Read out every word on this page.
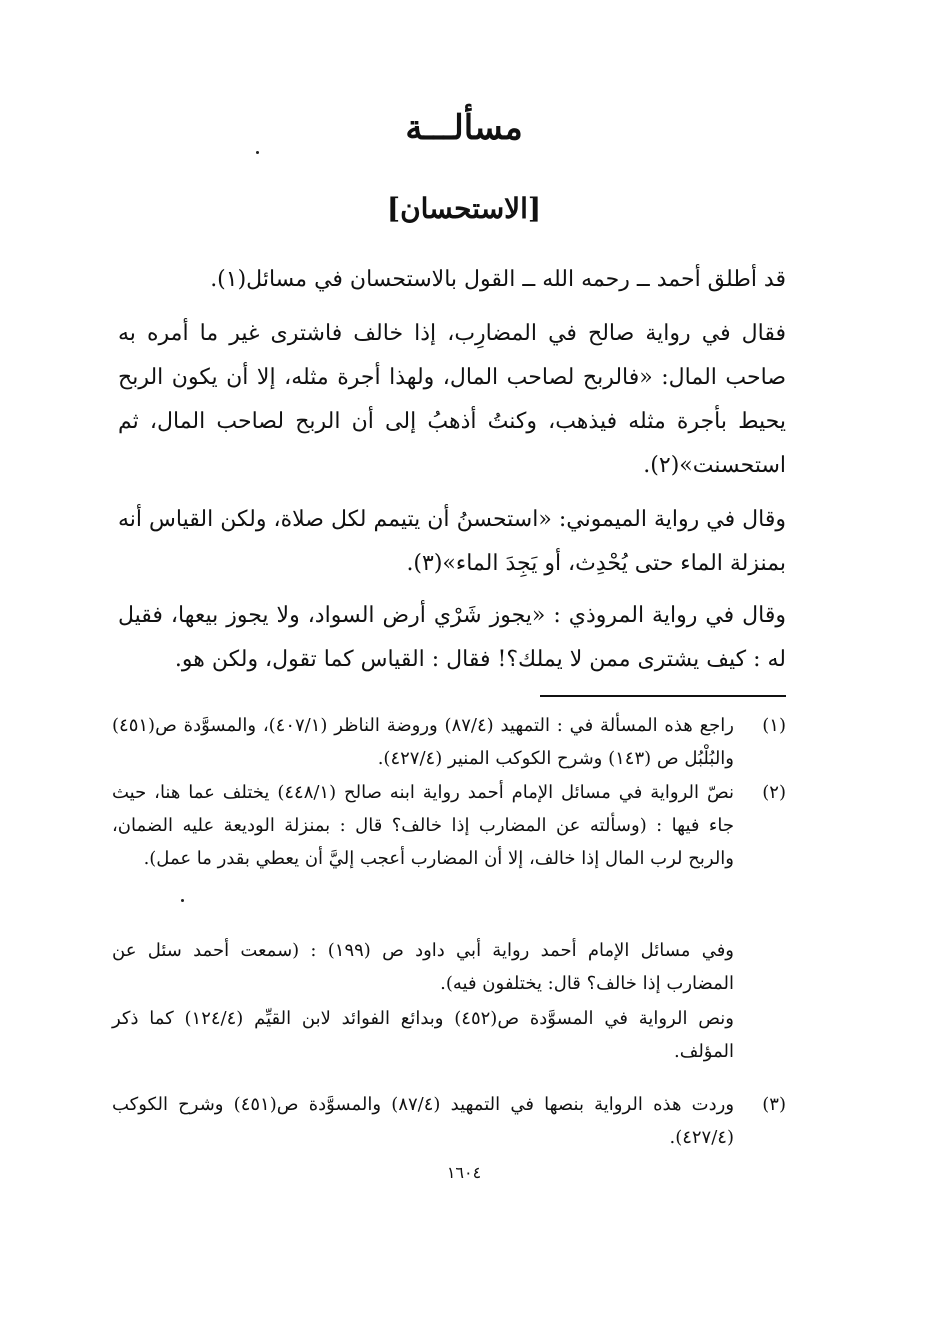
مسألـــة
[الاستحسان]

قد أطلق أحمد ــ رحمه الله ــ القول بالاستحسان في مسائل(١).

فقال في رواية صالح في المضارِب، إذا خالف فاشترى غير ما أمره به صاحب المال: «فالربح لصاحب المال، ولهذا أجرة مثله، إلا أن يكون الربح يحيط بأجرة مثله فيذهب، وكنتُ أذهبُ إلى أن الربح لصاحب المال، ثم استحسنت»(٢).

وقال في رواية الميموني: «استحسنُ أن يتيمم لكل صلاة، ولكن القياس أنه بمنزلة الماء حتى يُحْدِث، أو يَجِدَ الماء»(٣).

وقال في رواية المروذي : «يجوز شَرْي أرض السواد، ولا يجوز بيعها، فقيل له : كيف يشترى ممن لا يملك؟! فقال : القياس كما تقول، ولكن هو.

(١)
راجع هذه المسألة في : التمهيد (٨٧/٤) وروضة الناظر (٤٠٧/١)، والمسوَّدة ص(٤٥١) والبُلْبُل ص (١٤٣) وشرح الكوكب المنير (٤٢٧/٤).
(٢)
نصّ الرواية في مسائل الإمام أحمد رواية ابنه صالح (٤٤٨/١) يختلف عما هنا، حيث جاء فيها : (وسألته عن المضارب إذا خالف؟ قال : بمنزلة الوديعة عليه الضمان، والربح لرب المال إذا خالف، إلا أن المضارب أعجب إليَّ أن يعطي بقدر ما عمل).
وفي مسائل الإمام أحمد رواية أبي داود ص (١٩٩) : (سمعت أحمد سئل عن المضارب إذا خالف؟ قال: يختلفون فيه).
ونص الرواية في المسوَّدة ص(٤٥٢) وبدائع الفوائد لابن القيِّم (١٢٤/٤) كما ذكر المؤلف.
(٣)
وردت هذه الرواية بنصها في التمهيد (٨٧/٤) والمسوَّدة ص(٤٥١) وشرح الكوكب (٤٢٧/٤).
١٦٠٤
